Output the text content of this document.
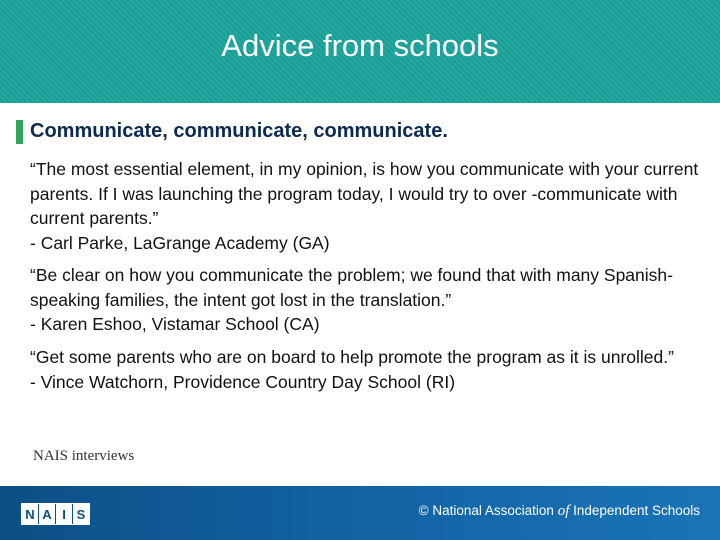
Advice from schools
Communicate, communicate, communicate.
“The most essential element, in my opinion, is how you communicate with your current parents. If I was launching the program today, I would try to over -communicate with current parents.”
- Carl Parke, LaGrange Academy (GA)
“Be clear on how you communicate the problem; we found that with many Spanish-speaking families, the intent got lost in the translation.”
- Karen Eshoo, Vistamar School (CA)
“Get some parents who are on board to help promote the program as it is unrolled.”
- Vince Watchorn, Providence Country Day School (RI)
NAIS interviews
N A I S	© National Association of Independent Schools
